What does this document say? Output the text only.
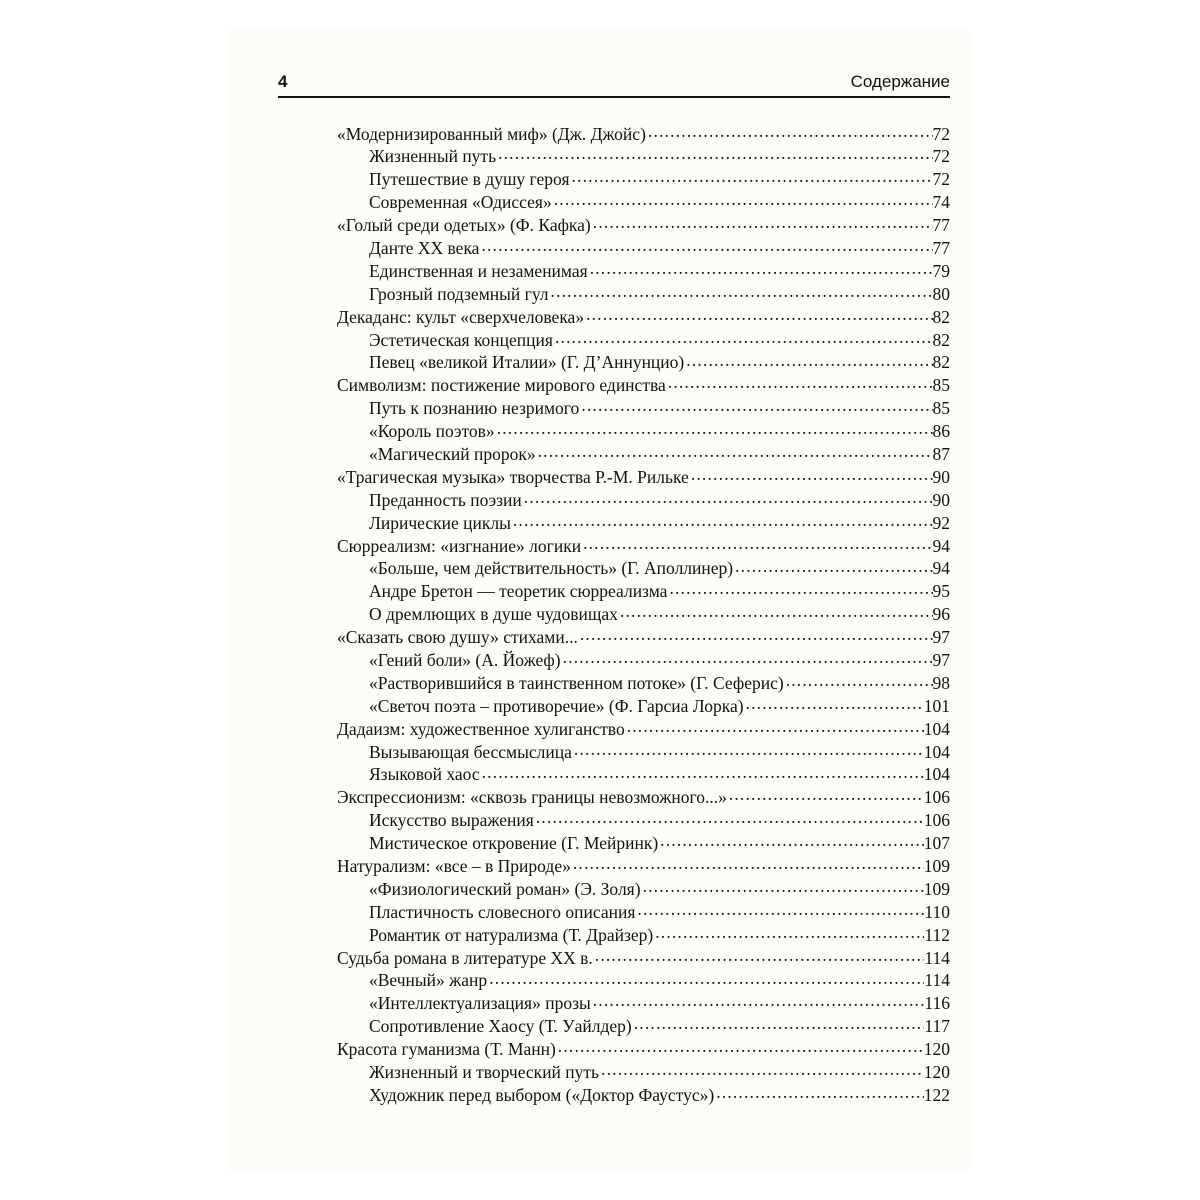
4	Содержание
«Модернизированный миф» (Дж. Джойс) . . .	72
Жизненный путь . . .	72
Путешествие в душу героя . . .	72
Современная «Одиссея» . . .	74
«Голый среди одетых» (Ф. Кафка) . . .	77
Данте XX века . . .	77
Единственная и незаменимая . . .	79
Грозный подземный гул . . .	80
Декаданс: культ «сверхчеловека» . . .	82
Эстетическая концепция . . .	82
Певец «великой Италии» (Г. Д’Аннунцио) . . .	82
Символизм: постижение мирового единства . . .	85
Путь к познанию незримого . . .	85
«Король поэтов» . . .	86
«Магический пророк» . . .	87
«Трагическая музыка» творчества Р.-М. Рильке . . .	90
Преданность поэзии . . .	90
Лирические циклы . . .	92
Сюрреализм: «изгнание» логики . . .	94
«Больше, чем действительность» (Г. Аполлинер) . . .	94
Андре Бретон — теоретик сюрреализма . . .	95
О дремлющих в душе чудовищах . . .	96
«Сказать свою душу» стихами... . . .	97
«Гений боли» (А. Йожеф) . . .	97
«Растворившийся в таинственном потоке» (Г. Сеферис) . . .	98
«Светоч поэта – противоречие» (Ф. Гарсиа Лорка) . . .	101
Дадаизм: художественное хулиганство . . .	104
Вызывающая бессмыслица . . .	104
Языковой хаос . . .	104
Экспрессионизм: «сквозь границы невозможного...» . . .	106
Искусство выражения . . .	106
Мистическое откровение (Г. Мейринк) . . .	107
Натурализм: «все – в Природе» . . .	109
«Физиологический роман» (Э. Золя) . . .	109
Пластичность словесного описания . . .	110
Романтик от натурализма (Т. Драйзер) . . .	112
Судьба романа в литературе XX в. . . .	114
«Вечный» жанр . . .	114
«Интеллектуализация» прозы . . .	116
Сопротивление Хаосу (Т. Уайлдер) . . .	117
Красота гуманизма (Т. Манн) . . .	120
Жизненный и творческий путь . . .	120
Художник перед выбором («Доктор Фаустус») . . .	122
